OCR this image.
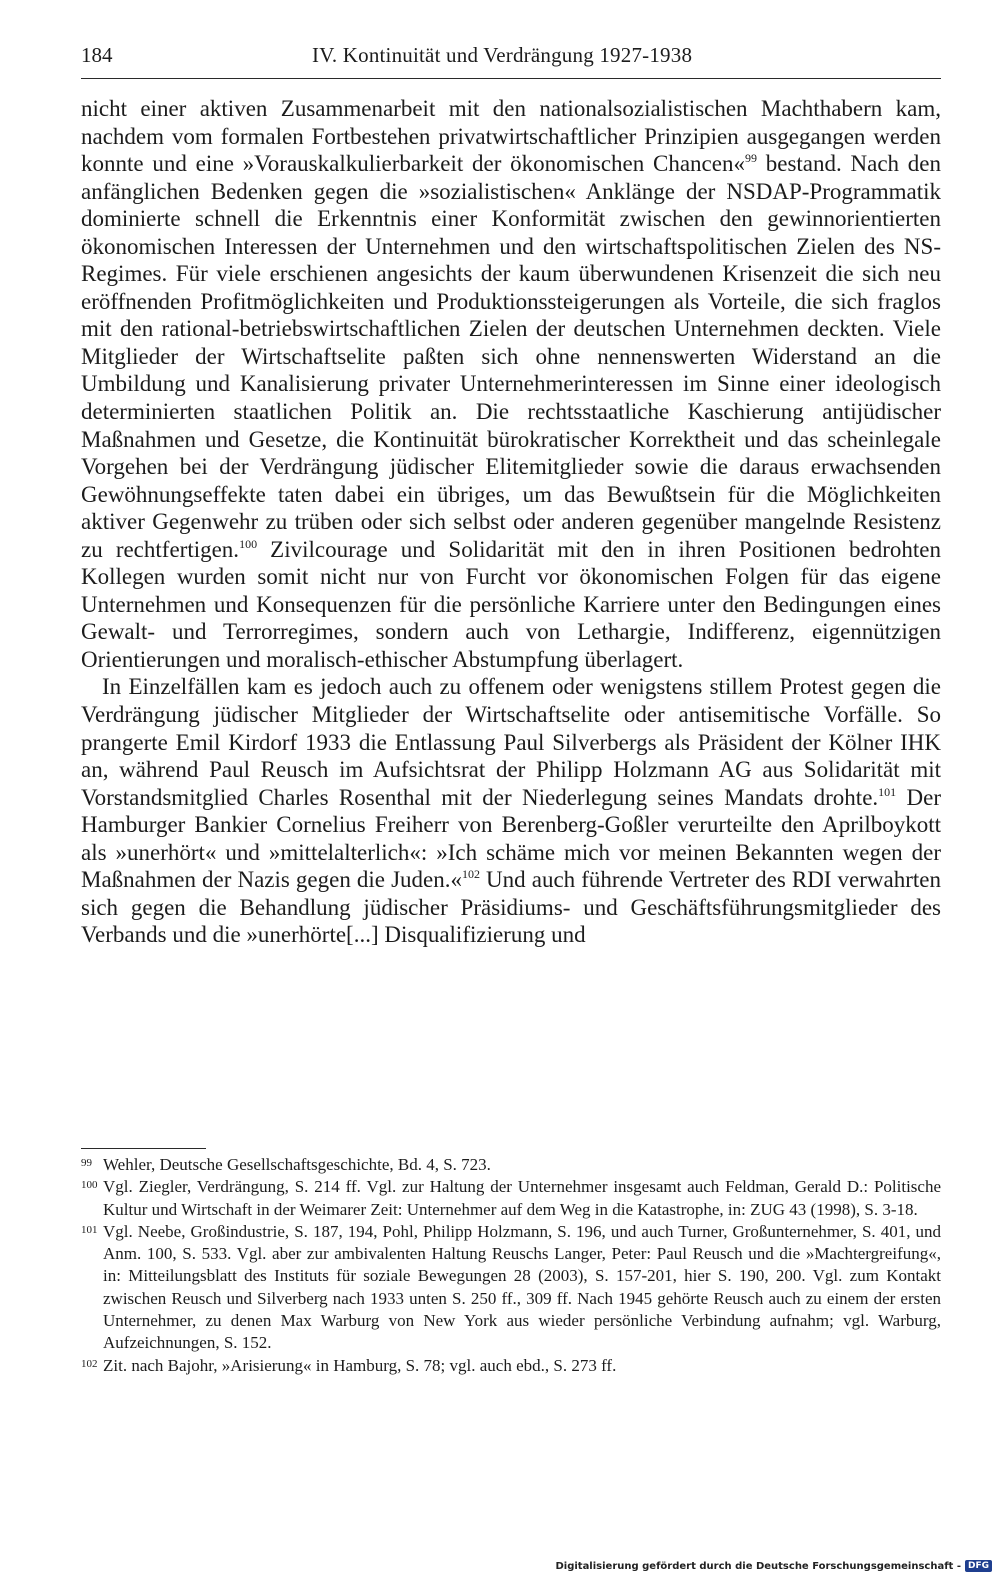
184	IV. Kontinuität und Verdrängung 1927-1938

nicht einer aktiven Zusammenarbeit mit den nationalsozialistischen Machthabern kam, nachdem vom formalen Fortbestehen privatwirtschaftlicher Prinzipien ausgegangen werden konnte und eine »Vorauskalkulierbarkeit der ökonomischen Chancen«$^{99}$ bestand. Nach den anfänglichen Bedenken gegen die »sozialistischen« Anklänge der NSDAP-Programmatik dominierte schnell die Erkenntnis einer Konformität zwischen den gewinnorientierten ökonomischen Interessen der Unternehmen und den wirtschaftspolitischen Zielen des NS-Regimes. Für viele erschienen angesichts der kaum überwundenen Krisenzeit die sich neu eröffnenden Profitmöglichkeiten und Produktionssteigerungen als Vorteile, die sich fraglos mit den rational-betriebswirtschaftlichen Zielen der deutschen Unternehmen deckten. Viele Mitglieder der Wirtschaftselite paßten sich ohne nennenswerten Widerstand an die Umbildung und Kanalisierung privater Unternehmerinteressen im Sinne einer ideologisch determinierten staatlichen Politik an. Die rechtsstaatliche Kaschierung antijüdischer Maßnahmen und Gesetze, die Kontinuität bürokratischer Korrektheit und das scheinlegale Vorgehen bei der Verdrängung jüdischer Elitemitglieder sowie die daraus erwachsenden Gewöhnungseffekte taten dabei ein übriges, um das Bewußtsein für die Möglichkeiten aktiver Gegenwehr zu trüben oder sich selbst oder anderen gegenüber mangelnde Resistenz zu rechtfertigen.$^{100}$ Zivilcourage und Solidarität mit den in ihren Positionen bedrohten Kollegen wurden somit nicht nur von Furcht vor ökonomischen Folgen für das eigene Unternehmen und Konsequenzen für die persönliche Karriere unter den Bedingungen eines Gewalt- und Terrorregimes, sondern auch von Lethargie, Indifferenz, eigennützigen Orientierungen und moralisch-ethischer Abstumpfung überlagert.

In Einzelfällen kam es jedoch auch zu offenem oder wenigstens stillem Protest gegen die Verdrängung jüdischer Mitglieder der Wirtschaftselite oder antisemitische Vorfälle. So prangerte Emil Kirdorf 1933 die Entlassung Paul Silverbergs als Präsident der Kölner IHK an, während Paul Reusch im Aufsichtsrat der Philipp Holzmann AG aus Solidarität mit Vorstandsmitglied Charles Rosenthal mit der Niederlegung seines Mandats drohte.$^{101}$ Der Hamburger Bankier Cornelius Freiherr von Berenberg-Goßler verurteilte den Aprilboykott als »unerhört« und »mittelalterlich«: »Ich schäme mich vor meinen Bekannten wegen der Maßnahmen der Nazis gegen die Juden.«$^{102}$ Und auch führende Vertreter des RDI verwahrten sich gegen die Behandlung jüdischer Präsidiums- und Geschäftsführungsmitglieder des Verbands und die »unerhörte[...] Disqualifizierung und

99 Wehler, Deutsche Gesellschaftsgeschichte, Bd. 4, S. 723.

100 Vgl. Ziegler, Verdrängung, S. 214 ff. Vgl. zur Haltung der Unternehmer insgesamt auch Feldman, Gerald D.: Politische Kultur und Wirtschaft in der Weimarer Zeit: Unternehmer auf dem Weg in die Katastrophe, in: ZUG 43 (1998), S. 3-18.

101 Vgl. Neebe, Großindustrie, S. 187, 194, Pohl, Philipp Holzmann, S. 196, und auch Turner, Großunternehmer, S. 401, und Anm. 100, S. 533. Vgl. aber zur ambivalenten Haltung Reuschs Langer, Peter: Paul Reusch und die »Machtergreifung«, in: Mitteilungsblatt des Instituts für soziale Bewegungen 28 (2003), S. 157-201, hier S. 190, 200. Vgl. zum Kontakt zwischen Reusch und Silverberg nach 1933 unten S. 250 ff., 309 ff. Nach 1945 gehörte Reusch auch zu einem der ersten Unternehmer, zu denen Max Warburg von New York aus wieder persönliche Verbindung aufnahm; vgl. Warburg, Aufzeichnungen, S. 152.

102 Zit. nach Bajohr, »Arisierung« in Hamburg, S. 78; vgl. auch ebd., S. 273 ff.

Digitalisierung gefördert durch die Deutsche Forschungsgemeinschaft - DFG
